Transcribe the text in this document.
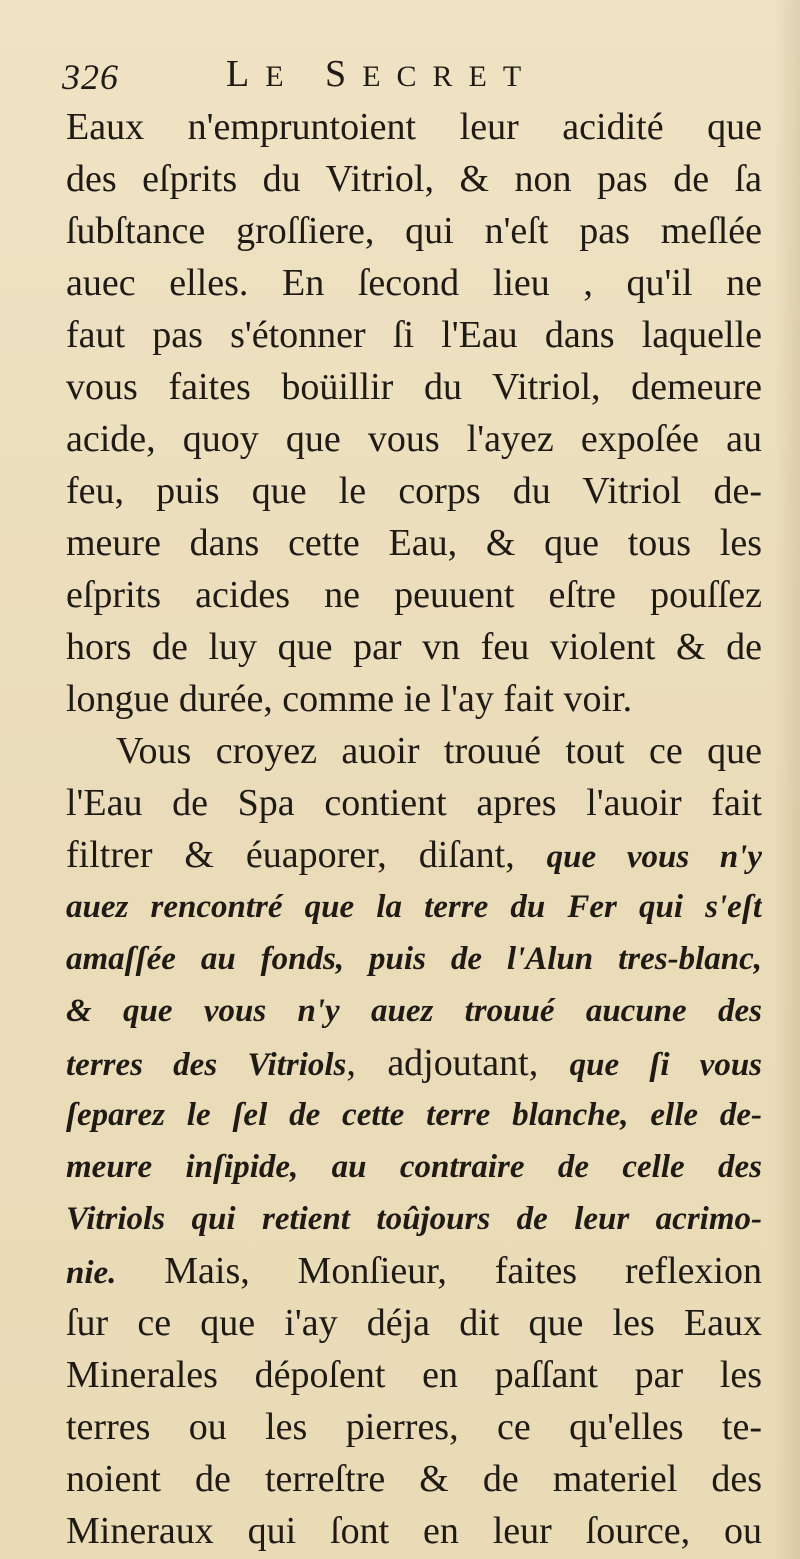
326	LE SECRET
Eaux n'empruntoient leur acidité que
des eſprits du Vitriol, & non pas de ſa
ſubſtance groſſiere, qui n'eſt pas meſlée
auec elles. En ſecond lieu , qu'il ne
faut pas s'étonner ſi l'Eau dans laquelle
vous faites boüillir du Vitriol, demeure
acide, quoy que vous l'ayez expoſée au
feu, puis que le corps du Vitriol de-
meure dans cette Eau, & que tous les
eſprits acides ne peuuent eſtre pouſſez
hors de luy que par vn feu violent & de
longue durée, comme ie l'ay fait voir.
Vous croyez auoir trouué tout ce que
l'Eau de Spa contient apres l'auoir fait
filtrer & éuaporer, diſant, que vous n'y
auez rencontré que la terre du Fer qui s'eſt
amaſſée au fonds, puis de l'Alun tres-blanc,
& que vous n'y auez trouué aucune des
terres des Vitriols, adjoutant, que ſi vous
ſeparez le ſel de cette terre blanche, elle de-
meure inſipide, au contraire de celle des
Vitriols qui retient toûjours de leur acrimo-
nie. Mais, Monſieur, faites reflexion
ſur ce que i'ay déja dit que les Eaux
Minerales dépoſent en paſſant par les
terres ou les pierres, ce qu'elles te-
noient de terreſtre & de materiel des
Mineraux qui ſont en leur ſource, ou
